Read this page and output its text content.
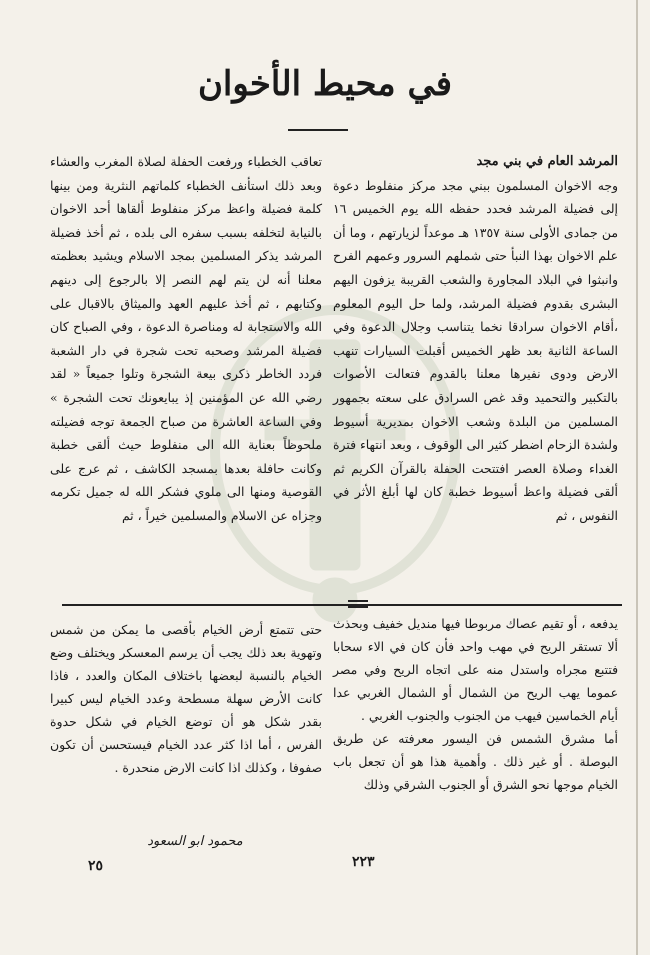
في محيط الأخوان

المرشد العام في بني مجد

وجه الاخوان المسلمون ببني مجد مركز منفلوط دعوة إلى فضيلة المرشد فحدد حفظه الله يوم الخميس ١٦ من جمادى الأولى سنة ١٣٥٧ هـ موعداً لزيارتهم ، وما أن علم الاخوان بهذا النبأ حتى شملهم السرور وعمهم الفرح وانبثوا في البلاد المجاورة والشعب القريبة يزفون اليهم البشرى بقدوم فضيلة المرشد، ولما حل اليوم المعلوم ،أقام الاخوان سرادقا نخما يتناسب وجلال الدعوة وفي الساعة الثانية بعد ظهر الخميس أقبلت السيارات تنهب الارض ودوى نفيرها معلنا بالقدوم فتعالت الأصوات بالتكبير والتحميد وقد غص السرادق على سعته بجمهور المسلمين من البلدة وشعب الاخوان بمديرية أسيوط ولشدة الزحام اضطر كثير الى الوقوف ، وبعد انتهاء فترة الغداء وصلاة العصر افتتحت الحفلة بالقرآن الكريم ثم ألقى فضيلة واعظ أسيوط خطبة كان لها أبلغ الأثر في النفوس ، ثم

تعاقب الخطباء ورفعت الحفلة لصلاة المغرب والعشاء وبعد ذلك استأنف الخطباء كلماتهم النثرية ومن بينها كلمة فضيلة واعظ مركز منفلوط ألقاها أحد الاخوان بالنيابة لتخلفه بسبب سفره الى بلده ، ثم أخذ فضيلة المرشد يذكر المسلمين بمجد الاسلام ويشيد بعظمته معلنا أنه لن يتم لهم النصر إلا بالرجوع إلى دينهم وكتابهم ، ثم أخذ عليهم العهد والميثاق بالاقبال على الله والاستجابة له ومناصرة الدعوة ، وفي الصباح كان فضيلة المرشد وصحبه تحت شجرة في دار الشعبة فردد الخاطر ذكرى بيعة الشجرة وتلوا جميعاً « لقد رضي الله عن المؤمنين إذ يبايعونك تحت الشجرة » وفي الساعة العاشرة من صباح الجمعة توجه فضيلته ملحوظاً بعناية الله الى منفلوط حيث ألقى خطبة وكانت حافلة بعدها بمسجد الكاشف ، ثم عرج على القوصية ومنها الى ملوي فشكر الله له جميل تكرمه وجزاه عن الاسلام والمسلمين خيراً ، ثم

يدفعه ، أو تقيم عصاك مربوطا فيها منديل خفيف وبحذث ألا تستقر الريح في مهب واحد فأن كان في الاء سحابا فتتبع مجراه واستدل منه على اتجاه الريح وفي مصر عموما يهب الريح من الشمال أو الشمال الغربي عدا أيام الخماسين فيهب من الجنوب والجنوب الغربي .

أما مشرق الشمس فن اليسور معرفته عن طريق البوصلة . أو غير ذلك . وأهمية هذا هو أن تجعل باب الخيام موجها نحو الشرق أو الجنوب الشرقي وذلك

حتى تتمتع أرض الخيام بأقصى ما يمكن من شمس وتهوية بعد ذلك يجب أن يرسم المعسكر ويختلف وضع الخيام بالنسبة لبعضها باختلاف المكان والعدد ، فاذا كانت الأرض سهلة مسطحة وعدد الخيام ليس كبيرا بقدر شكل هو أن توضع الخيام في شكل حدوة الفرس ، أما اذا كثر عدد الخيام فيستحسن أن تكون صفوفا ، وكذلك اذا كانت الارض منحدرة .

محمود ابو السعود
٢٥	٢٢٣
